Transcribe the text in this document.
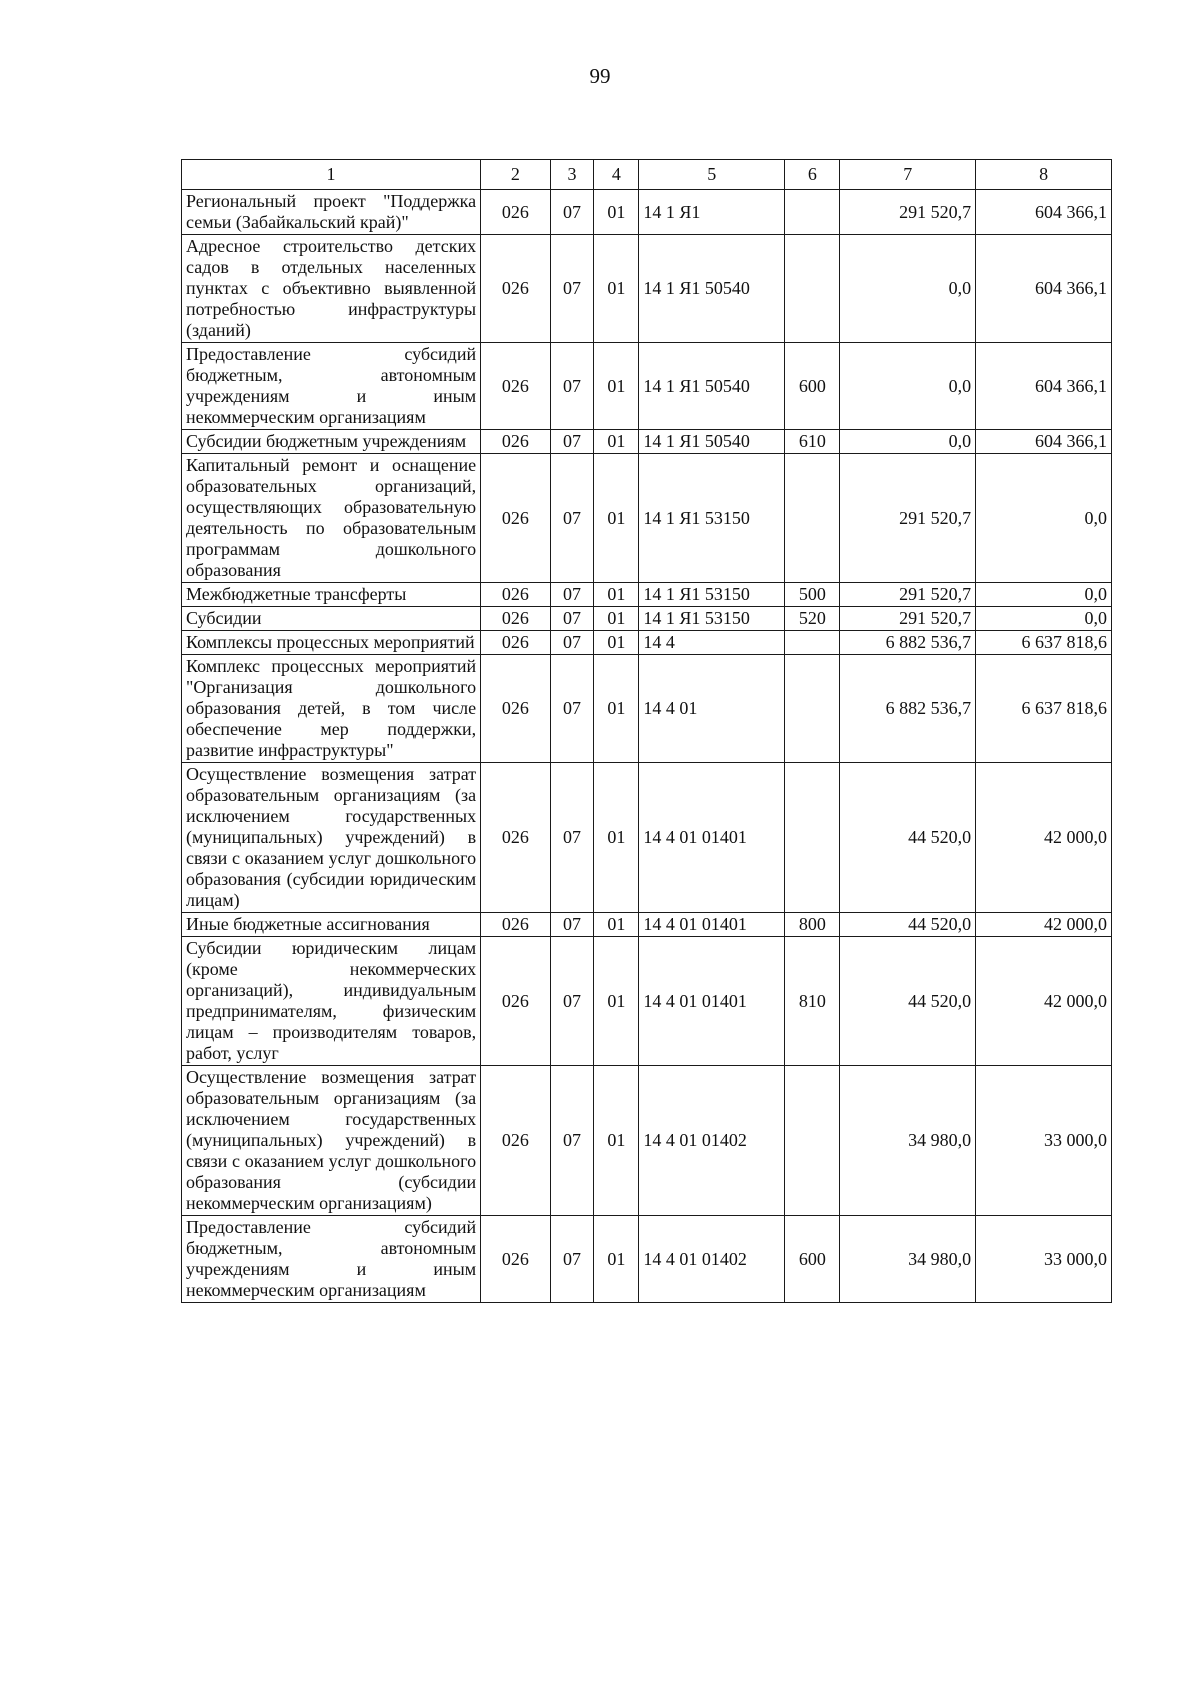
99
1	2	3	4	5	6	7	8
Региональный проект "Поддержка семьи (Забайкальский край)"	026	07	01	14 1 Я1		291 520,7	604 366,1
Адресное строительство детских садов в отдельных населенных пунктах с объективно выявленной потребностью инфраструктуры (зданий)	026	07	01	14 1 Я1 50540		0,0	604 366,1
Предоставление субсидий бюджетным, автономным учреждениям и иным некоммерческим организациям	026	07	01	14 1 Я1 50540	600	0,0	604 366,1
Субсидии бюджетным учреждениям	026	07	01	14 1 Я1 50540	610	0,0	604 366,1
Капитальный ремонт и оснащение образовательных организаций, осуществляющих образовательную деятельность по образовательным программам дошкольного образования	026	07	01	14 1 Я1 53150		291 520,7	0,0
Межбюджетные трансферты	026	07	01	14 1 Я1 53150	500	291 520,7	0,0
Субсидии	026	07	01	14 1 Я1 53150	520	291 520,7	0,0
Комплексы процессных мероприятий	026	07	01	14 4		6 882 536,7	6 637 818,6
Комплекс процессных мероприятий "Организация дошкольного образования детей, в том числе обеспечение мер поддержки, развитие инфраструктуры"	026	07	01	14 4 01		6 882 536,7	6 637 818,6
Осуществление возмещения затрат образовательным организациям (за исключением государственных (муниципальных) учреждений) в связи с оказанием услуг дошкольного образования (субсидии юридическим лицам)	026	07	01	14 4 01 01401		44 520,0	42 000,0
Иные бюджетные ассигнования	026	07	01	14 4 01 01401	800	44 520,0	42 000,0
Субсидии юридическим лицам (кроме некоммерческих организаций), индивидуальным предпринимателям, физическим лицам – производителям товаров, работ, услуг	026	07	01	14 4 01 01401	810	44 520,0	42 000,0
Осуществление возмещения затрат образовательным организациям (за исключением государственных (муниципальных) учреждений) в связи с оказанием услуг дошкольного образования (субсидии некоммерческим организациям)	026	07	01	14 4 01 01402		34 980,0	33 000,0
Предоставление субсидий бюджетным, автономным учреждениям и иным некоммерческим организациям	026	07	01	14 4 01 01402	600	34 980,0	33 000,0
